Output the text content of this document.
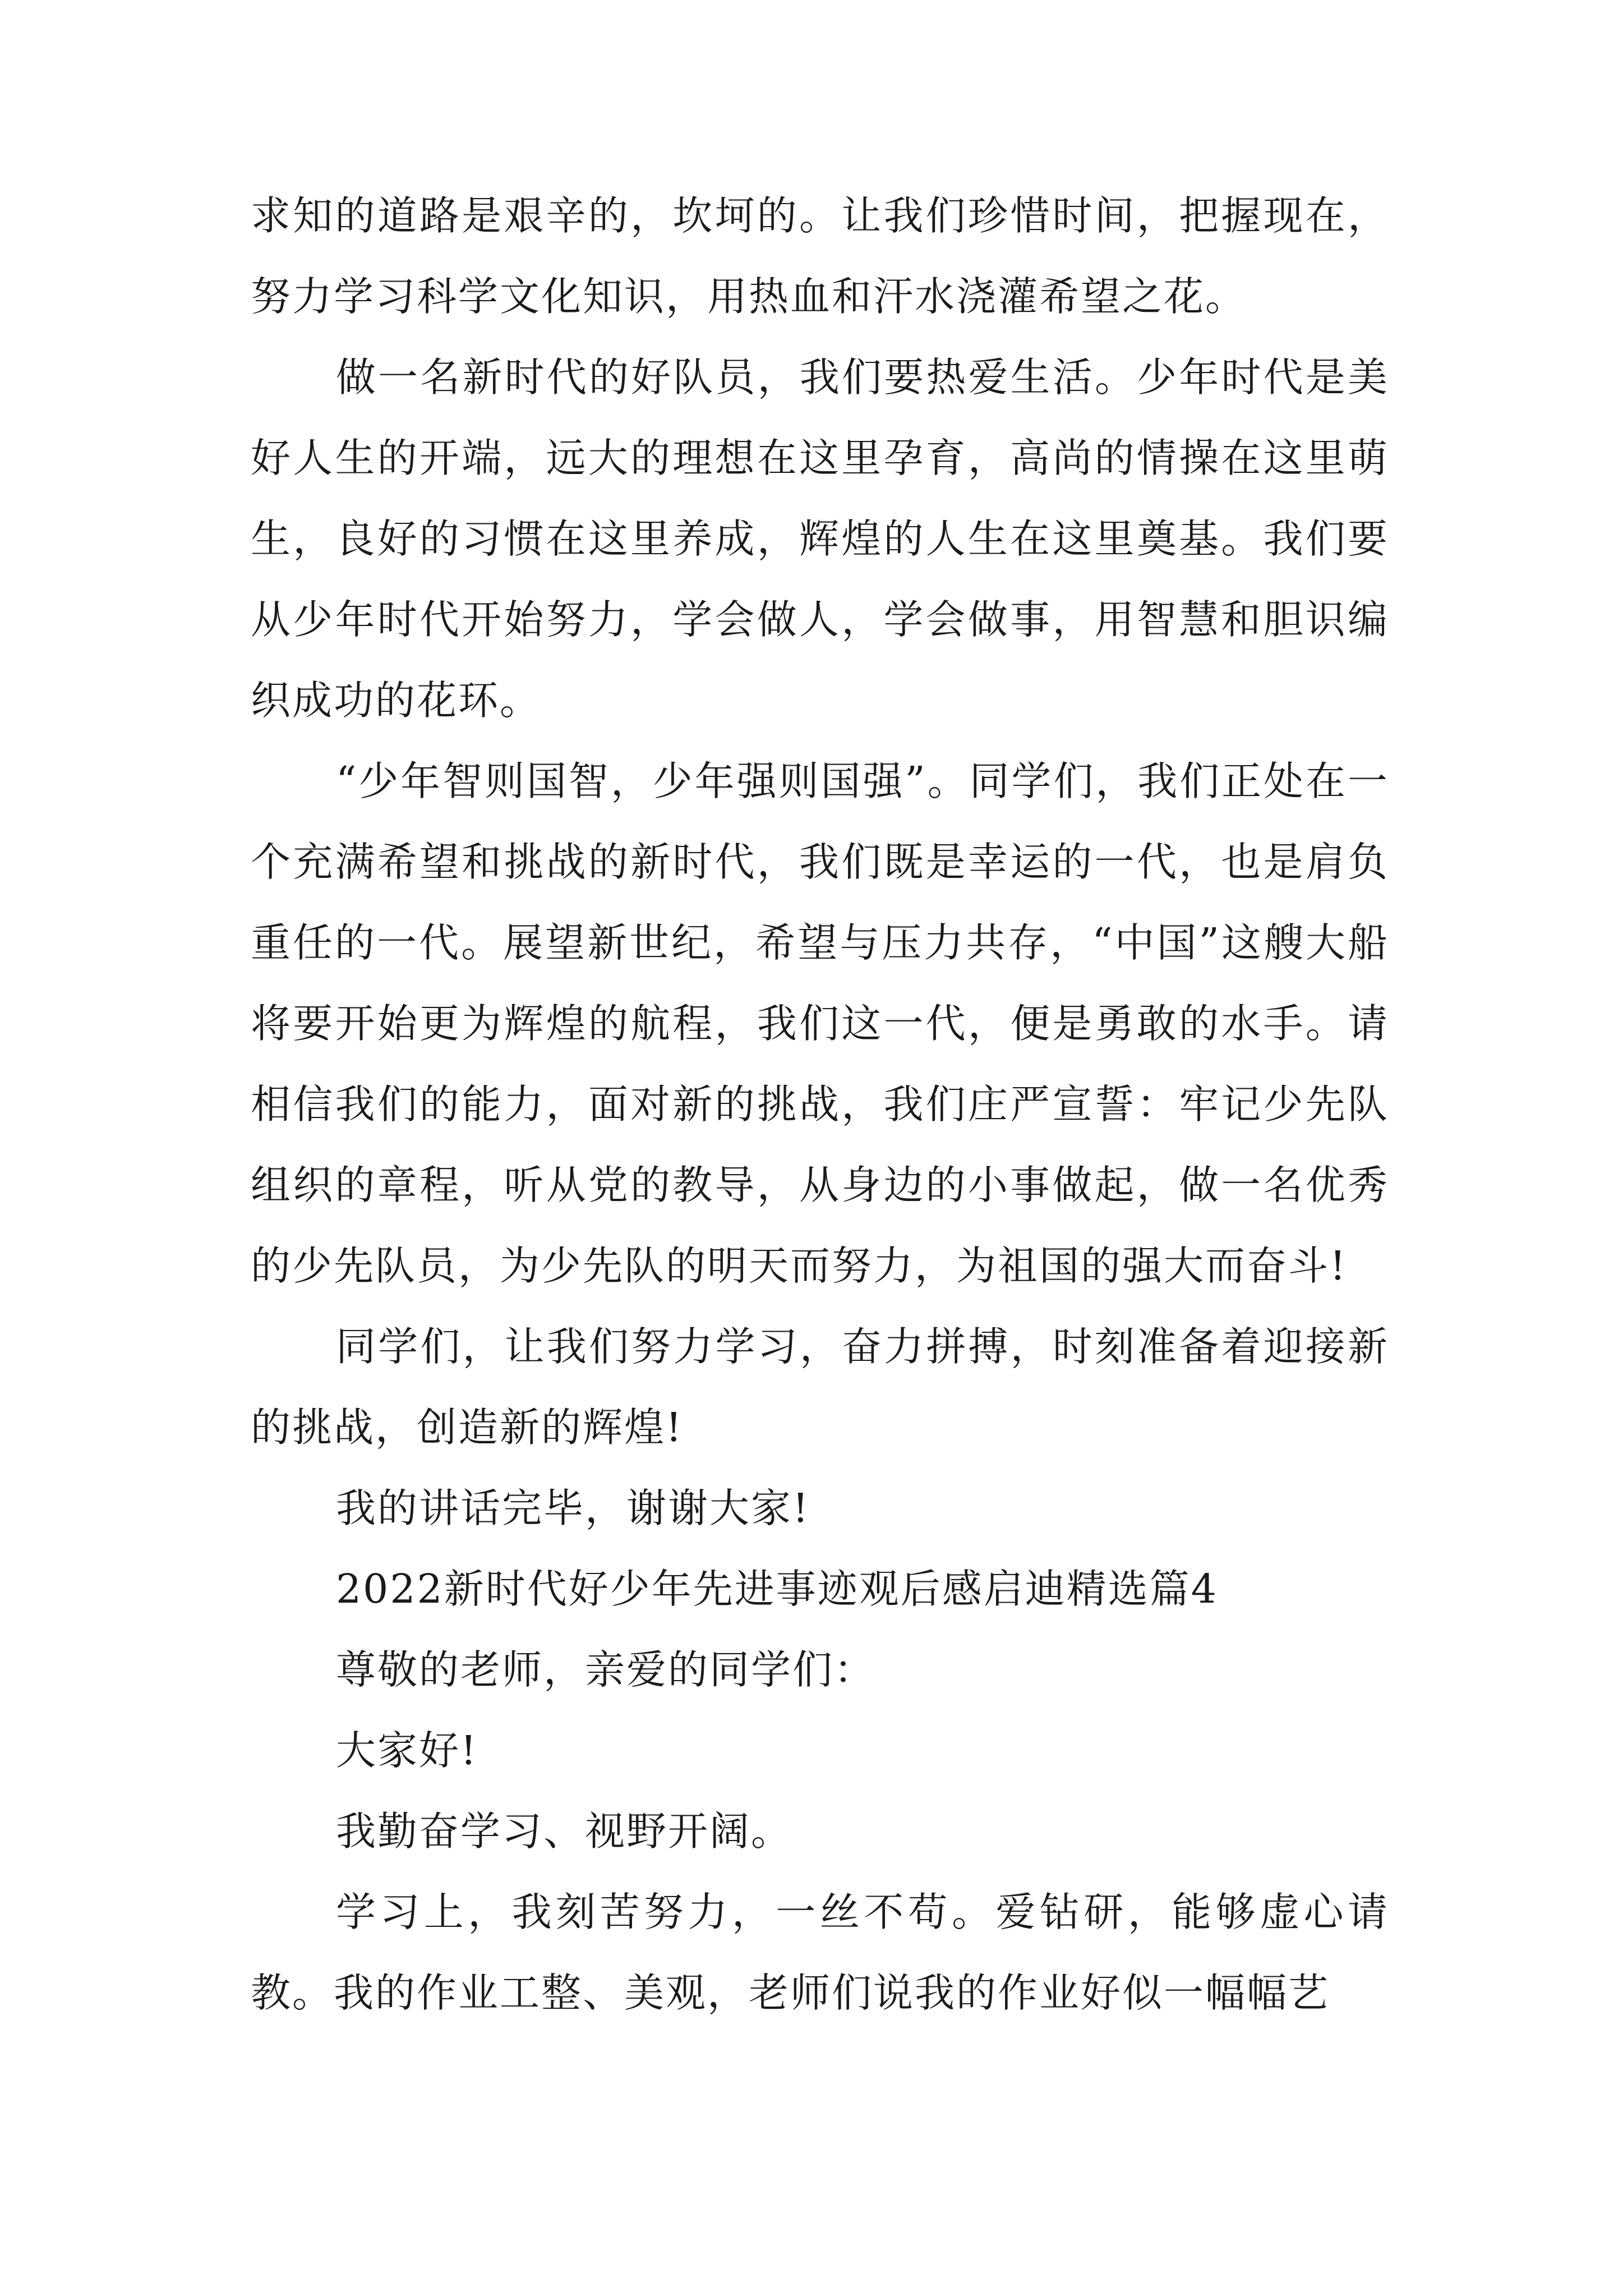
求知的道路是艰辛的，坎坷的。让我们珍惜时间，把握现在，努力学习科学文化知识，用热血和汗水浇灌希望之花。

做一名新时代的好队员，我们要热爱生活。少年时代是美好人生的开端，远大的理想在这里孕育，高尚的情操在这里萌生，良好的习惯在这里养成，辉煌的人生在这里奠基。我们要从少年时代开始努力，学会做人，学会做事，用智慧和胆识编织成功的花环。

“少年智则国智，少年强则国强”。同学们，我们正处在一个充满希望和挑战的新时代，我们既是幸运的一代，也是肩负重任的一代。展望新世纪，希望与压力共存，“中国”这艘大船将要开始更为辉煌的航程，我们这一代，便是勇敢的水手。请相信我们的能力，面对新的挑战，我们庄严宣誓：牢记少先队组织的章程，听从党的教导，从身边的小事做起，做一名优秀的少先队员，为少先队的明天而努力，为祖国的强大而奋斗!

同学们，让我们努力学习，奋力拼搏，时刻准备着迎接新的挑战，创造新的辉煌!

我的讲话完毕，谢谢大家!

2022新时代好少年先进事迹观后感启迪精选篇4

尊敬的老师，亲爱的同学们：

大家好!

我勤奋学习、视野开阔。

学习上，我刻苦努力，一丝不苟。爱钻研，能够虚心请教。我的作业工整、美观，老师们说我的作业好似一幅幅艺
